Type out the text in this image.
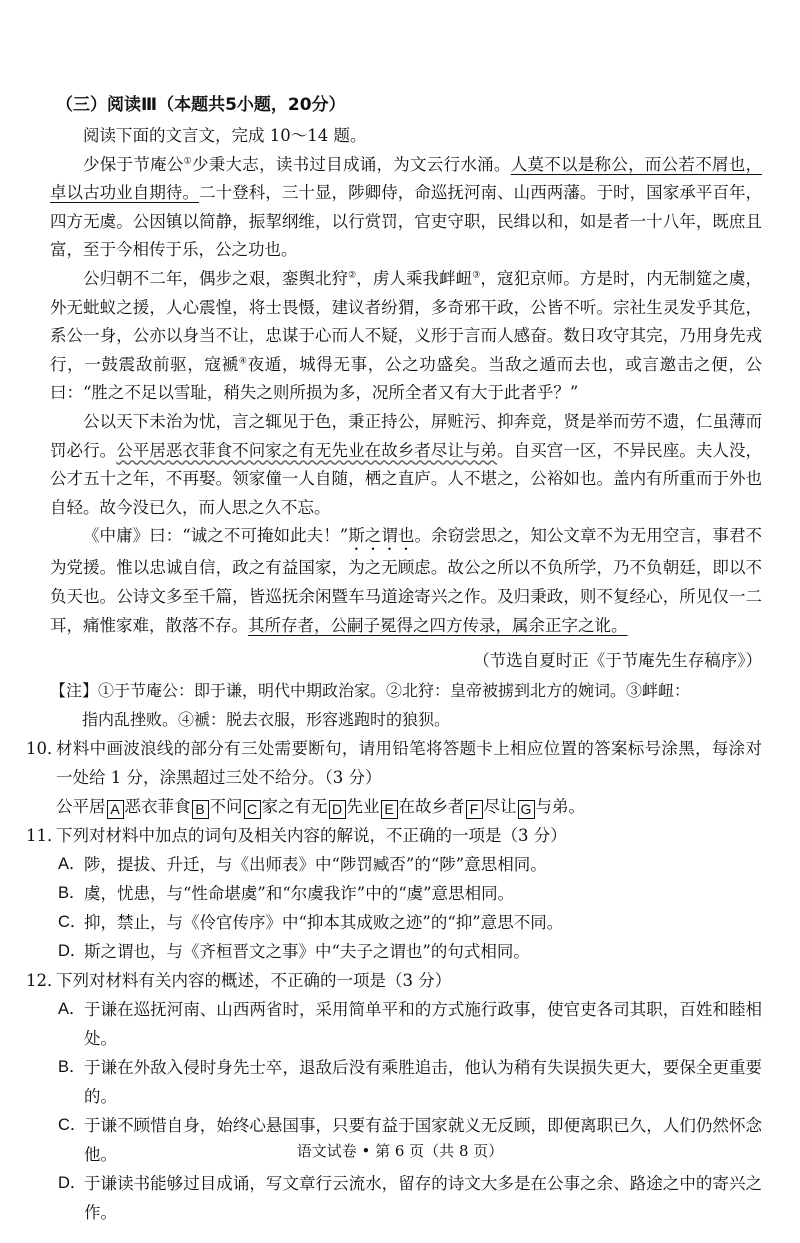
（三）阅读Ⅲ（本题共5小题，20分）

阅读下面的文言文，完成 10～14 题。

少保于节庵公①少秉大志，读书过目成诵，为文云行水涌。人莫不以是称公，而公若不屑也，卓以古功业自期待。二十登科，三十显，陟卿侍，命巡抚河南、山西两藩。于时，国家承平百年，四方无虞。公因镇以简静，振挈纲维，以行赏罚，官吏守职，民缉以和，如是者一十八年，既庶且富，至于今相传于乐，公之功也。

公归朝不二年，偶步之艰，銮舆北狩②，虏人乘我衅衄③，寇犯京师。方是时，内无制筵之虞，外无蚍蚁之援，人心震惶，将士畏慑，建议者纷猬，多奇邪干政，公皆不听。宗社生灵发乎其危，系公一身，公亦以身当不让，忠谋于心而人不疑，义形于言而人感奋。数日攻守其完，乃用身先戎行，一鼓震敌前驱，寇褫④夜遁，城得无事，公之功盛矣。当敌之遁而去也，或言邀击之便，公曰：“胜之不足以雪耻，稍失之则所损为多，况所全者又有大于此者乎？”

公以天下未治为忧，言之辄见于色，秉正持公，屏赃污、抑奔竞，贤是举而劳不遗，仁虽薄而罚必行。公平居恶衣菲食不问家之有无先业在故乡者尽让与弟。自买宫一区，不异民座。夫人没，公才五十之年，不再娶。领家僮一人自随，栖之直庐。人不堪之，公裕如也。盖内有所重而于外也自轻。故今没已久，而人思之久不忘。

《中庸》曰：“诚之不可掩如此夫！”斯之谓也。余窃尝思之，知公文章不为无用空言，事君不为党援。惟以忠诚自信，政之有益国家，为之无顾虑。故公之所以不负所学，乃不负朝廷，即以不负天也。公诗文多至千篇，皆巡抚余闲暨车马道途寄兴之作。及归秉政，则不复经心，所见仅一二耳，痛惟家难，散落不存。其所存者，公嗣子冕得之四方传录，属余正字之讹。

（节选自夏时正《于节庵先生存稿序》）
【注】①于节庵公：即于谦，明代中期政治家。②北狩：皇帝被掳到北方的婉词。③衅衄：
指内乱挫败。④褫：脱去衣服，形容逃跑时的狼狈。
10．
材料中画波浪线的部分有三处需要断句，请用铅笔将答题卡上相应位置的答案标号涂黑，每涂对一处给 1 分，涂黑超过三处不给分。（3 分）
公平居 A 恶衣菲食 B 不问 C 家之有无 D 先业 E 在故乡者 F 尽让 G 与弟。
11．
下列对材料中加点的词句及相关内容的解说，不正确的一项是（3 分）
A．
陟，提拔、升迁，与《出师表》中“陟罚臧否”的“陟”意思相同。
B．
虞，忧患，与“性命堪虞”和“尔虞我诈”中的“虞”意思相同。
C．
抑，禁止，与《伶官传序》中“抑本其成败之迹”的“抑”意思不同。
D．
斯之谓也，与《齐桓晋文之事》中“夫子之谓也”的句式相同。
12．
下列对材料有关内容的概述，不正确的一项是（3 分）
A．
于谦在巡抚河南、山西两省时，采用简单平和的方式施行政事，使官吏各司其职，百姓和睦相处。
B．
于谦在外敌入侵时身先士卒，退敌后没有乘胜追击，他认为稍有失误损失更大，要保全更重要的。
C．
于谦不顾惜自身，始终心悬国事，只要有益于国家就义无反顾，即便离职已久，人们仍然怀念他。
D．
于谦读书能够过目成诵，写文章行云流水，留存的诗文大多是在公事之余、路途之中的寄兴之作。
语文试卷 • 第 6 页（共 8 页）
